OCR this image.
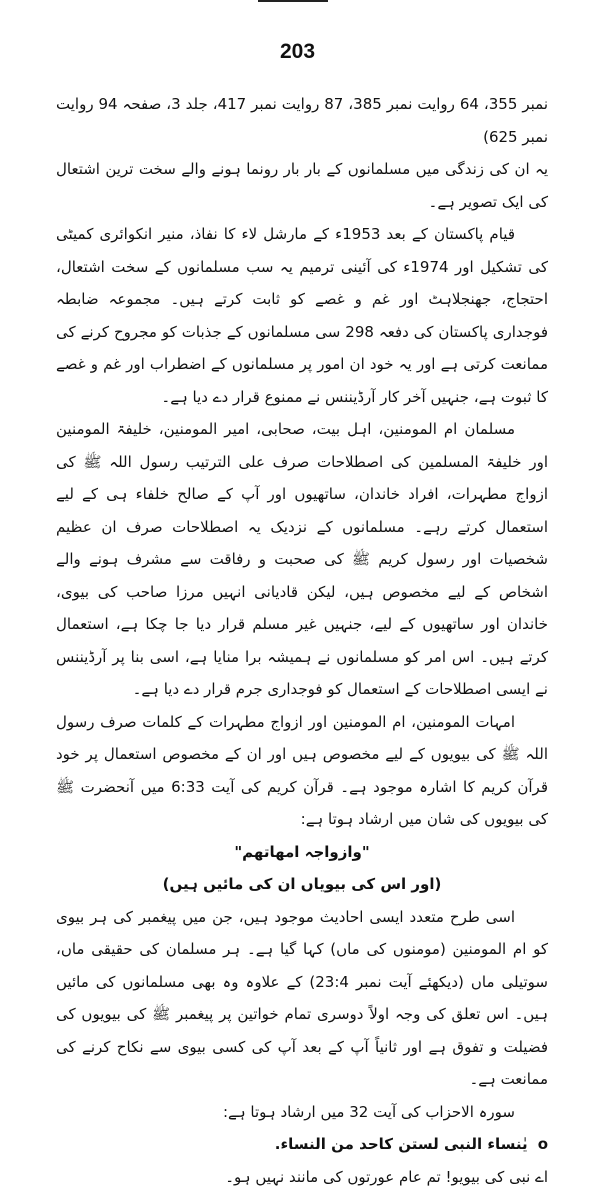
203

نمبر 355، 64 روایت نمبر 385، 87 روایت نمبر 417، جلد 3، صفحہ 94 روایت نمبر 625)

یہ ان کی زندگی میں مسلمانوں کے بار بار رونما ہونے والے سخت ترین اشتعال کی ایک تصویر ہے۔

قیام پاکستان کے بعد 1953ء کے مارشل لاء کا نفاذ، منیر انکوائری کمیٹی کی تشکیل اور 1974ء کی آئینی ترمیم یہ سب مسلمانوں کے سخت اشتعال، احتجاج، جھنجلاہٹ اور غم و غصے کو ثابت کرتے ہیں۔ مجموعہ ضابطہ فوجداری پاکستان کی دفعہ 298 سی مسلمانوں کے جذبات کو مجروح کرنے کی ممانعت کرتی ہے اور یہ خود ان امور پر مسلمانوں کے اضطراب اور غم و غصے کا ثبوت ہے، جنہیں آخر کار آرڈیننس نے ممنوع قرار دے دیا ہے۔

مسلمان ام المومنین، اہل بیت، صحابی، امیر المومنین، خلیفۃ المومنین اور خلیفۃ المسلمین کی اصطلاحات صرف علی الترتیب رسول اللہ ﷺ کی ازواج مطہرات، افراد خاندان، ساتھیوں اور آپ کے صالح خلفاء ہی کے لیے استعمال کرتے رہے۔ مسلمانوں کے نزدیک یہ اصطلاحات صرف ان عظیم شخصیات اور رسول کریم ﷺ کی صحبت و رفاقت سے مشرف ہونے والے اشخاص کے لیے مخصوص ہیں، لیکن قادیانی انہیں مرزا صاحب کی بیوی، خاندان اور ساتھیوں کے لیے، جنہیں غیر مسلم قرار دیا جا چکا ہے، استعمال کرتے ہیں۔ اس امر کو مسلمانوں نے ہمیشہ برا منایا ہے، اسی بنا پر آرڈیننس نے ایسی اصطلاحات کے استعمال کو فوجداری جرم قرار دے دیا ہے۔

امہات المومنین، ام المومنین اور ازواج مطہرات کے کلمات صرف رسول اللہ ﷺ کی بیویوں کے لیے مخصوص ہیں اور ان کے مخصوص استعمال پر خود قرآن کریم کا اشارہ موجود ہے۔ قرآن کریم کی آیت 6:33 میں آنحضرت ﷺ کی بیویوں کی شان میں ارشاد ہوتا ہے:

"وازواجہ امھاتھم"

(اور اس کی بیویاں ان کی مائیں ہیں)

اسی طرح متعدد ایسی احادیث موجود ہیں، جن میں پیغمبر کی ہر بیوی کو ام المومنین (مومنوں کی ماں) کہا گیا ہے۔ ہر مسلمان کی حقیقی ماں، سوتیلی ماں (دیکھئے آیت نمبر 23:4) کے علاوہ وہ بھی مسلمانوں کی مائیں ہیں۔ اس تعلق کی وجہ اولاً دوسری تمام خواتین پر پیغمبر ﷺ کی بیویوں کی فضیلت و تفوق ہے اور ثانیاً آپ کے بعد آپ کی کسی بیوی سے نکاح کرنے کی ممانعت ہے۔

سورہ الاحزاب کی آیت 32 میں ارشاد ہوتا ہے:

oیٰنساء النبی لستن کاحد من النساء.

اے نبی کی بیویو! تم عام عورتوں کی مانند نہیں ہو۔
